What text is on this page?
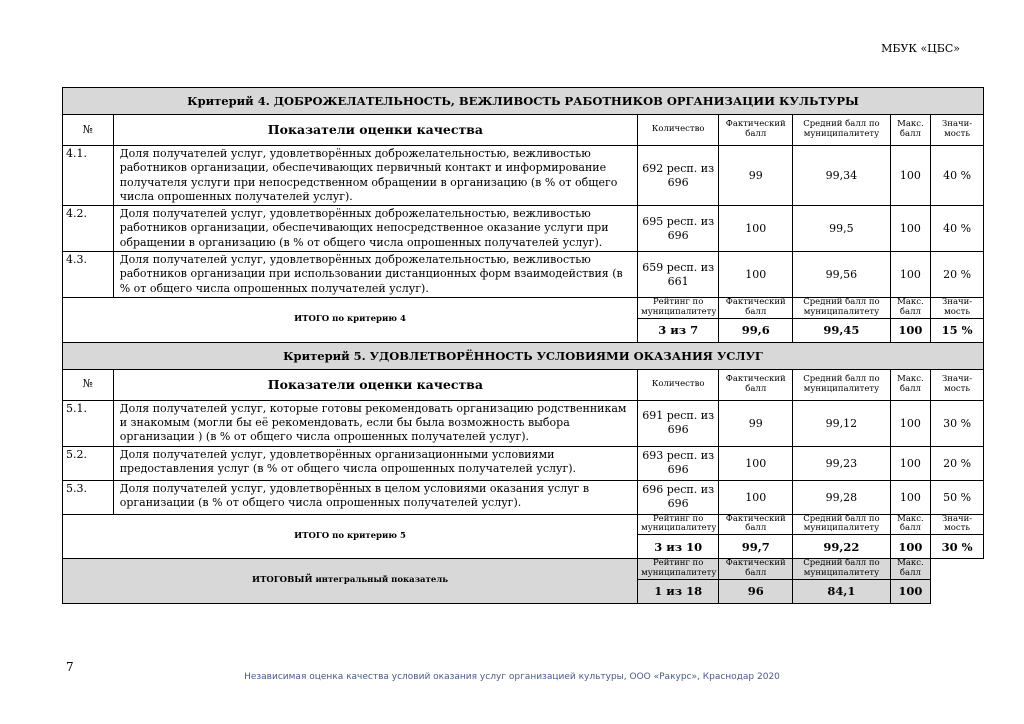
МБУК «ЦБС»
Критерий 4. ДОБРОЖЕЛАТЕЛЬНОСТЬ, ВЕЖЛИВОСТЬ РАБОТНИКОВ ОРГАНИЗАЦИИ КУЛЬТУРЫ						
№	Показатели оценки качества	Количество	Фактический балл	Средний балл по муниципалитету	Макс. балл	Значи-мость
4.1.	Доля получателей услуг, удовлетворённых доброжелательностью, вежливостью работников организации, обеспечивающих первичный контакт и информирование получателя услуги при непосредственном обращении в организацию (в % от общего числа опрошенных получателей услуг).	692 респ. из 696	99	99,34	100	40 %
4.2.	Доля получателей услуг, удовлетворённых доброжелательностью, вежливостью работников организации, обеспечивающих непосредственное оказание услуги при обращении в организацию (в % от общего числа опрошенных получателей услуг).	695 респ. из 696	100	99,5	100	40 %
4.3.	Доля получателей услуг, удовлетворённых доброжелательностью, вежливостью работников организации при использовании дистанционных форм взаимодействия (в % от общего числа опрошенных получателей услуг).	659 респ. из 661	100	99,56	100	20 %
ИТОГО по критерию 4		Рейтинг по муниципалитету	Фактический балл	Средний балл по муниципалитету	Макс. балл	Значи-мость
		3 из 7	99,6	99,45	100	15 %
Критерий 5. УДОВЛЕТВОРЁННОСТЬ УСЛОВИЯМИ ОКАЗАНИЯ УСЛУГ						
№	Показатели оценки качества	Количество	Фактический балл	Средний балл по муниципалитету	Макс. балл	Значи-мость
5.1.	Доля получателей услуг, которые готовы рекомендовать организацию родственникам и знакомым (могли бы её рекомендовать, если бы была возможность выбора организации ) (в % от общего числа опрошенных получателей услуг).	691 респ. из 696	99	99,12	100	30 %
5.2.	Доля получателей услуг, удовлетворённых организационными условиями предоставления услуг (в % от общего числа опрошенных получателей услуг).	693 респ. из 696	100	99,23	100	20 %
5.3.	Доля получателей услуг, удовлетворённых в целом условиями оказания услуг в организации (в % от общего числа опрошенных получателей услуг).	696 респ. из 696	100	99,28	100	50 %
ИТОГО по критерию 5		Рейтинг по муниципалитету	Фактический балл	Средний балл по муниципалитету	Макс. балл	Значи-мость
		3 из 10	99,7	99,22	100	30 %
ИТОГОВЫЙ интегральный показатель		Рейтинг по муниципалитету	Фактический балл	Средний балл по муниципалитету	Макс. балл	
		1 из 18	96	84,1	100	
7
Независимая оценка качества условий оказания услуг организацией культуры, ООО «Ракурс», Краснодар 2020
